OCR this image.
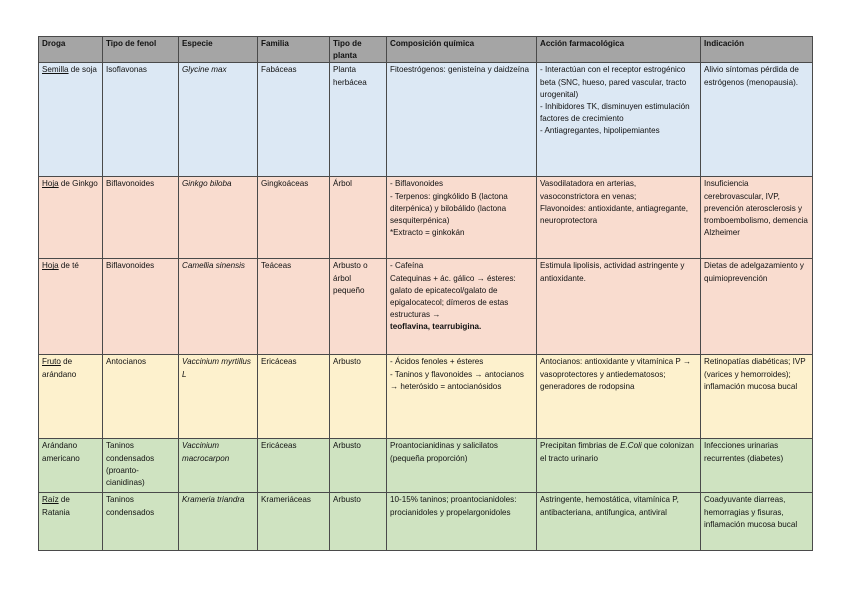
Droga	Tipo de fenol	Especie	Familia	Tipo de planta	Composición química	Acción farmacológica	Indicación
Semilla de soja	Isoflavonas	Glycine max	Fabáceas	Planta herbácea	Fitoestrógenos: genisteína y daidzeína	- Interactúan con el receptor estrogénico beta (SNC, hueso, pared vascular, tracto urogenital)
- Inhibidores TK, disminuyen estimulación factores de crecimiento
- Antiagregantes, hipolipemiantes	Alivio síntomas pérdida de estrógenos (menopausia).

Hoja de Ginkgo	Biflavonoides	Ginkgo biloba	Gingkoáceas	Árbol	- Biflavonoides
- Terpenos: gingkólido B (lactona diterpénica) y bilobálido (lactona sesquiterpénica)
*Extracto = ginkokán	Vasodilatadora en arterias, vasoconstrictora en venas;
Flavonoides: antioxidante, antiagregante, neuroprotectora	Insuficiencia cerebrovascular, IVP, prevención aterosclerosis y tromboembolismo, demencia Alzheimer

Hoja de té	Biflavonoides	Camellia sinensis	Teáceas	Arbusto o árbol pequeño	- Cafeína
Catequinas + ác. gálico → ésteres: galato de epicatecol/galato de epigalocatecol; dímeros de estas estructuras →
teoflavina, tearrubigina.	Estimula lipolisis, actividad astringente y antioxidante.	Dietas de adelgazamiento y quimioprevención

Fruto de arándano	Antocianos	Vaccinium myrtillus L	Ericáceas	Arbusto	- Ácidos fenoles + ésteres
- Taninos y flavonoides → antocianos → heterósido = antocianósidos	Antocianos: antioxidante y vitamínica P → vasoprotectores y antiedematosos; generadores de rodopsina	Retinopatías diabéticas; IVP (varices y hemorroides); inflamación mucosa bucal

Arándano americano	Taninos condensados (proanto-cianidinas)	Vaccinium macrocarpon	Ericáceas	Arbusto	Proantocianidinas y salicilatos (pequeña proporción)	Precipitan fimbrias de E.Coli que colonizan el tracto urinario	Infecciones urinarias recurrentes (diabetes)

Raíz de Ratania	Taninos condensados	Krameria triandra	Krameriáceas	Arbusto	10-15% taninos; proantocianidoles: procianidoles y propelargonidoles	Astringente, hemostática, vitamínica P, antibacteriana, antifungica, antiviral	Coadyuvante diarreas, hemorragias y fisuras, inflamación mucosa bucal
